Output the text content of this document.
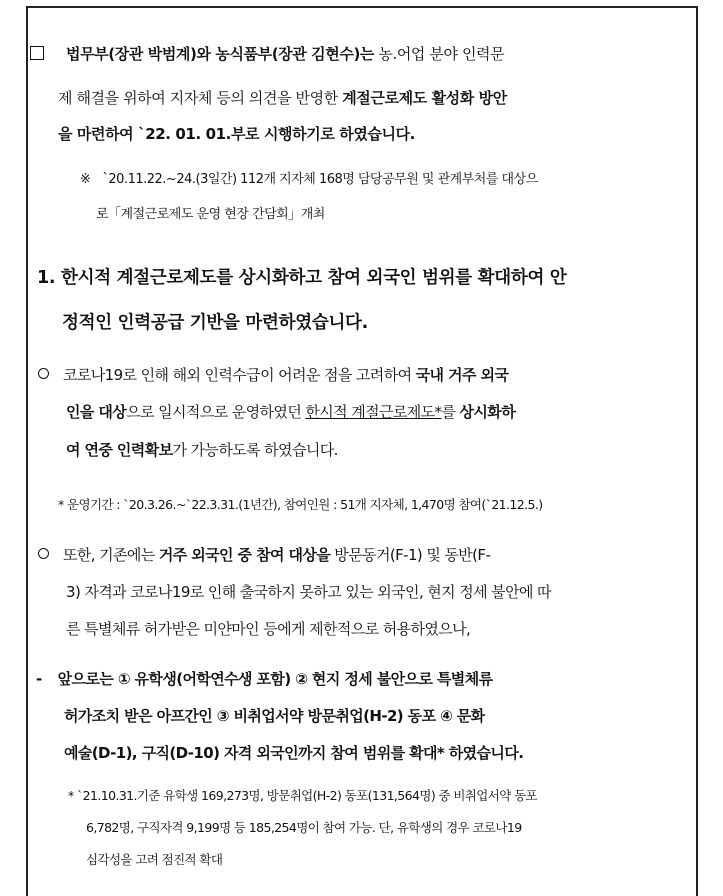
법무부(장관 박범계)와 농식품부(장관 김현수)는 농.어업 분야 인력문
제 해결을 위하여 지자체 등의 의견을 반영한 계절근로제도 활성화 방안
을 마련하여 `22. 01. 01.부로 시행하기로 하였습니다.
※ `20.11.22.~24.(3일간) 112개 지자체 168명 담당공무원 및 관계부처를 대상으
로「계절근로제도 운영 현장 간담회」개최
1. 한시적 계절근로제도를 상시화하고 참여 외국인 범위를 확대하여 안
정적인 인력공급 기반을 마련하였습니다.
코로나19로 인해 해외 인력수급이 어려운 점을 고려하여 국내 거주 외국
인을 대상으로 일시적으로 운영하였던 한시적 계절근로제도*를 상시화하
여 연중 인력확보가 가능하도록 하였습니다.
* 운영기간 : `20.3.26.~`22.3.31.(1년간), 참여인원 : 51개 지자체, 1,470명 참여(`21.12.5.)
또한, 기존에는 거주 외국인 중 참여 대상을 방문동거(F-1) 및 동반(F-
3) 자격과 코로나19로 인해 출국하지 못하고 있는 외국인, 현지 정세 불안에 따
른 특별체류 허가받은 미얀마인 등에게 제한적으로 허용하였으나,
- 앞으로는 ① 유학생(어학연수생 포함) ② 현지 정세 불안으로 특별체류
허가조치 받은 아프간인 ③ 비취업서약 방문취업(H-2) 동포 ④ 문화
예술(D-1), 구직(D-10) 자격 외국인까지 참여 범위를 확대* 하였습니다.
* `21.10.31.기준 유학생 169,273명, 방문취업(H-2) 동포(131,564명) 중 비취업서약 동포
6,782명, 구직자격 9,199명 등 185,254명이 참여 가능. 단, 유학생의 경우 코로나19
심각성을 고려 점진적 확대
